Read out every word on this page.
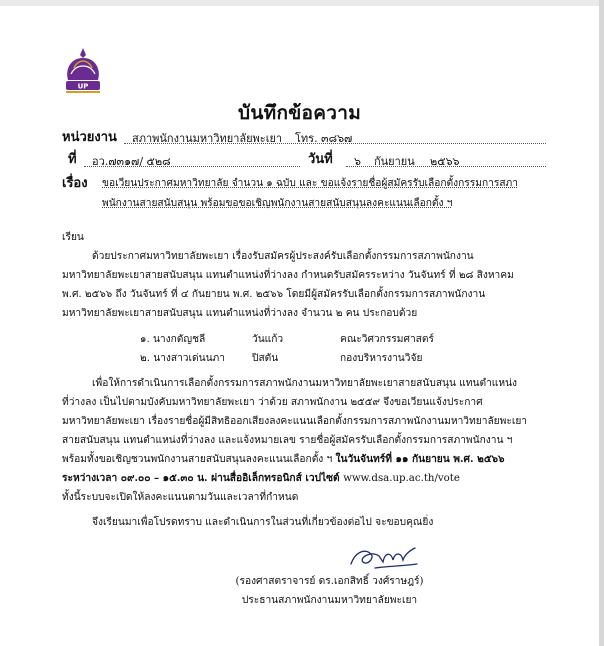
UP
บันทึกข้อความ
หน่วยงาน สภาพนักงานมหาวิทยาลัยพะเยา โทร. ๓๘๖๗
ที่ อว.๗๓๑๗/ ๕๒๘	วันที่ ๖ กันยายน ๒๕๖๖
เรื่อง ขอเวียนประกาศมหาวิทยาลัย จำนวน ๑ ฉบับ และ ขอแจ้งรายชื่อผู้สมัครรับเลือกตั้งกรรมการสภา
พนักงานสายสนับสนุน พร้อมขอขอเชิญพนักงานสายสนับสนุนลงคะแนนเลือกตั้ง ฯ
เรียน
ด้วยประกาศมหาวิทยาลัยพะเยา เรื่องรับสมัครผู้ประสงค์รับเลือกตั้งกรรมการสภาพนักงาน
มหาวิทยาลัยพะเยาสายสนับสนุน แทนตำแหน่งที่ว่างลง กำหนดรับสมัครระหว่าง วันจันทร์ ที่ ๒๘ สิงหาคม
พ.ศ. ๒๕๖๖ ถึง วันจันทร์ ที่ ๔ กันยายน พ.ศ. ๒๕๖๖ โดยมีผู้สมัครรับเลือกตั้งกรรมการสภาพนักงาน
มหาวิทยาลัยพะเยาสายสนับสนุน แทนตำแหน่งที่ว่างลง จำนวน ๒ คน ประกอบด้วย
๑. นางกตัญชลี	วันแก้ว	คณะวิศวกรรมศาสตร์
๒. นางสาวเด่นนภา	ปิสตัน	กองบริหารงานวิจัย
เพื่อให้การดำเนินการเลือกตั้งกรรมการสภาพนักงานมหาวิทยาลัยพะเยาสายสนับสนุน แทนตำแหน่ง
ที่ว่างลง เป็นไปตามบังคับมหาวิทยาลัยพะเยา ว่าด้วย สภาพนักงาน ๒๕๕๙ จึงขอเวียนแจ้งประกาศ
มหาวิทยาลัยพะเยา เรื่องรายชื่อผู้มีสิทธิออกเสียงลงคะแนนเลือกตั้งกรรมการสภาพนักงานมหาวิทยาลัยพะเยา
สายสนับสนุน แทนตำแหน่งที่ว่างลง และแจ้งหมายเลข รายชื่อผู้สมัครรับเลือกตั้งกรรมการสภาพนักงาน ฯ
พร้อมทั้งขอเชิญชวนพนักงานสายสนับสนุนลงคะแนนเลือกตั้ง ฯ ในวันจันทร์ที่ ๑๑ กันยายน พ.ศ. ๒๕๖๖
ระหว่างเวลา ๐๙.๐๐ – ๑๕.๓๐ น. ผ่านสื่ออิเล็กทรอนิกส์ เวปไซต์ www.dsa.up.ac.th/vote
ทั้งนี้ระบบจะเปิดให้ลงคะแนนตามวันและเวลาที่กำหนด
จึงเรียนมาเพื่อโปรดทราบ และดำเนินการในส่วนที่เกี่ยวข้องต่อไป จะขอบคุณยิ่ง
(รองศาสตราจารย์ ดร.เอกสิทธิ์ วงศ์ราษฎร์)
ประธานสภาพนักงานมหาวิทยาลัยพะเยา
